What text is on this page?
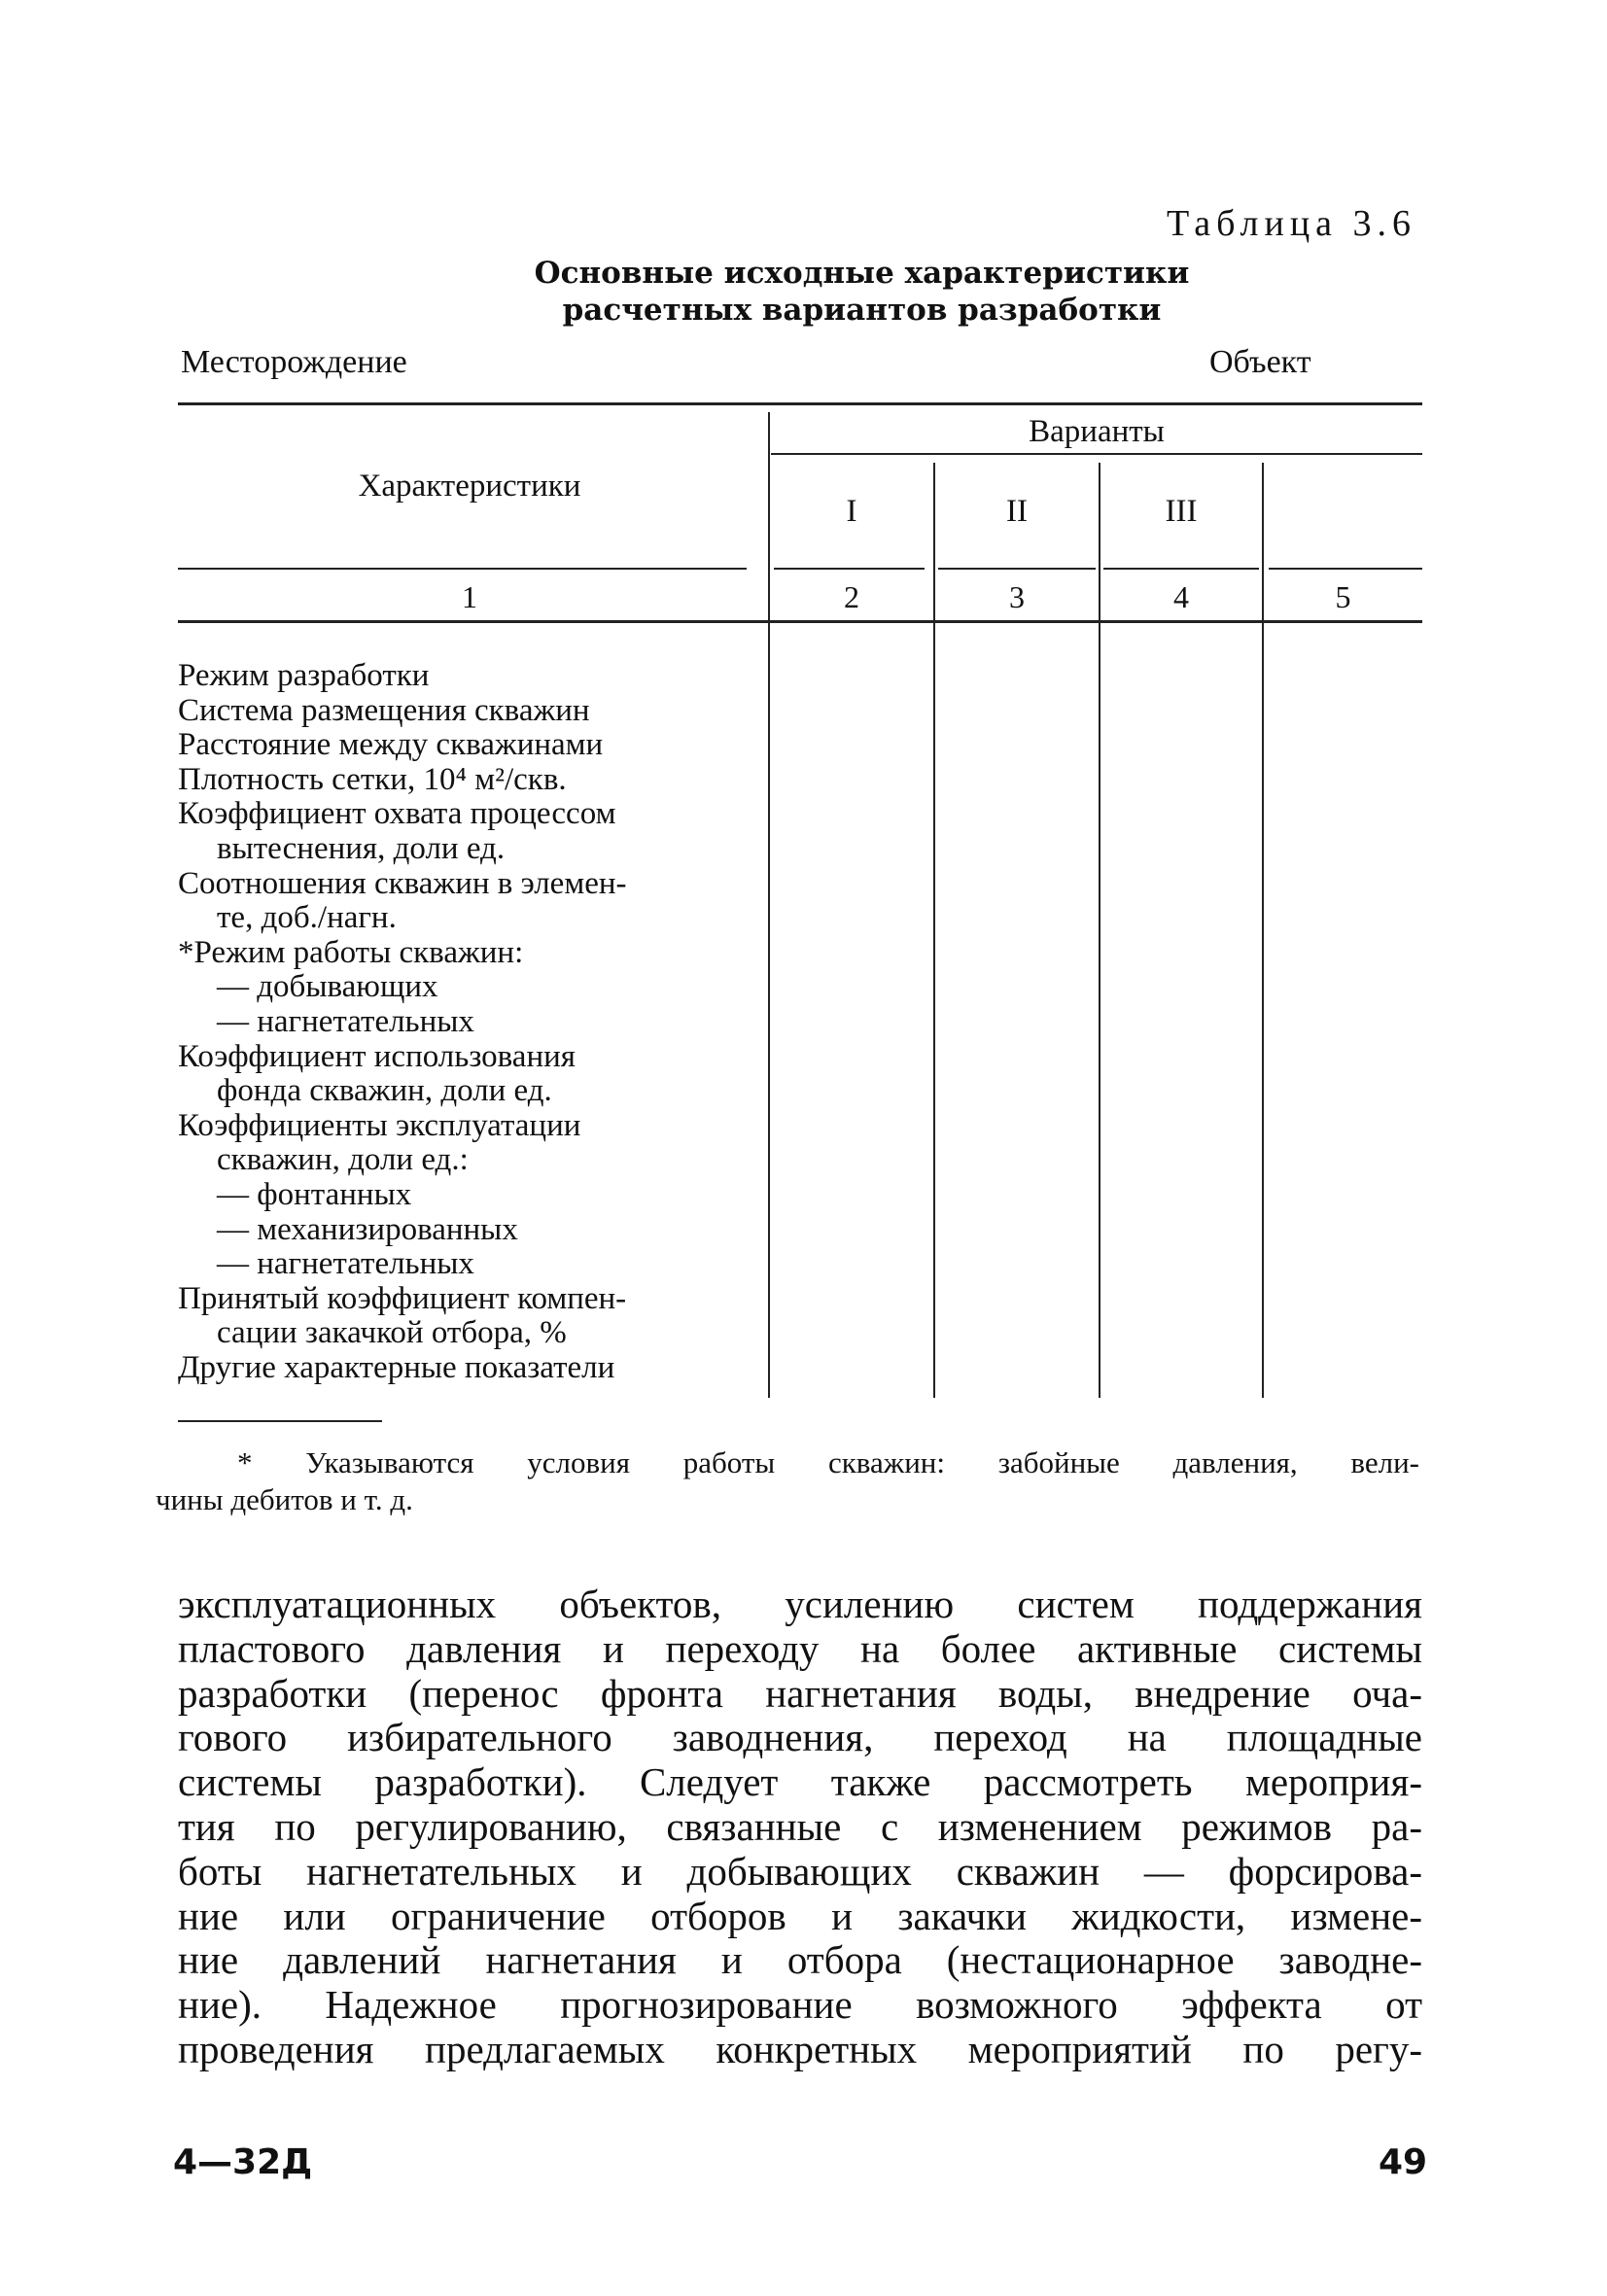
Таблица 3.6
Основные исходные характеристики
расчетных вариантов разработки
Месторождение	Объект
Характеристики
Варианты
I	II	III
1	2	3	4	5
Режим разработки
Система размещения скважин
Расстояние между скважинами
Плотность сетки, 10⁴ м²/скв.
Коэффициент охвата процессом
вытеснения, доли ед.
Соотношения скважин в элемен-
те, доб./нагн.
*Режим работы скважин:
— добывающих
— нагнетательных
Коэффициент использования
фонда скважин, доли ед.
Коэффициенты эксплуатации
скважин, доли ед.:
— фонтанных
— механизированных
— нагнетательных
Принятый коэффициент компен-
сации закачкой отбора, %
Другие характерные показатели
* Указываются условия работы скважин: забойные давления, вели-
чины дебитов и т. д.
эксплуатационных объектов, усилению систем поддержания
пластового давления и переходу на более активные системы
разработки (перенос фронта нагнетания воды, внедрение оча-
гового избирательного заводнения, переход на площадные
системы разработки). Следует также рассмотреть мероприя-
тия по регулированию, связанные с изменением режимов ра-
боты нагнетательных и добывающих скважин — форсирова-
ние или ограничение отборов и закачки жидкости, измене-
ние давлений нагнетания и отбора (нестационарное заводне-
ние). Надежное прогнозирование возможного эффекта от
проведения предлагаемых конкретных мероприятий по регу-
4—32Д	49
